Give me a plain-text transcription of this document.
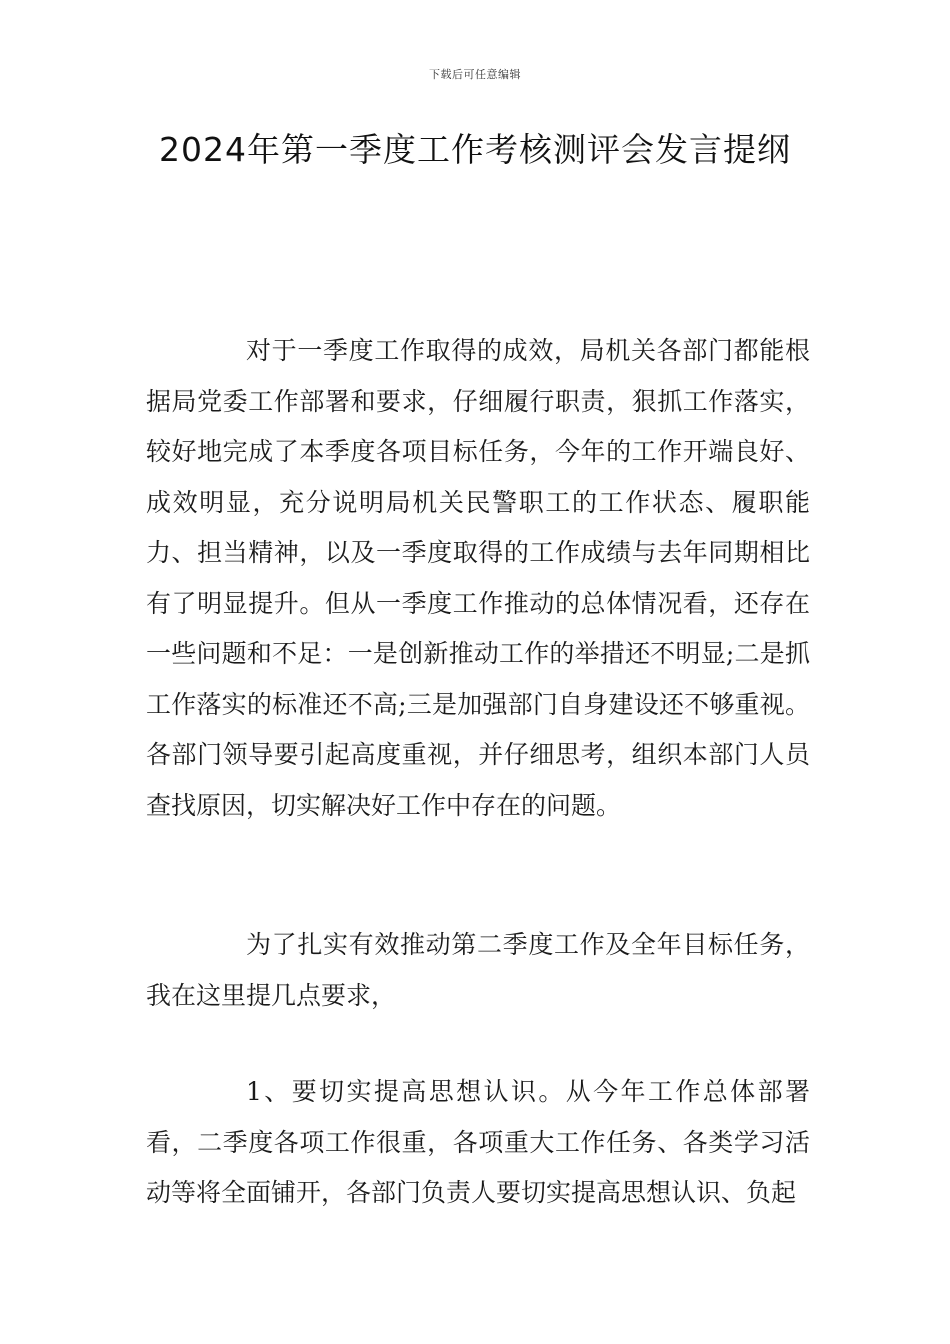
下载后可任意编辑
2024年第一季度工作考核测评会发言提纲

对于一季度工作取得的成效，局机关各部门都能根据局党委工作部署和要求，仔细履行职责，狠抓工作落实，较好地完成了本季度各项目标任务，今年的工作开端良好、成效明显，充分说明局机关民警职工的工作状态、履职能力、担当精神，以及一季度取得的工作成绩与去年同期相比有了明显提升。但从一季度工作推动的总体情况看，还存在一些问题和不足：一是创新推动工作的举措还不明显;二是抓工作落实的标准还不高;三是加强部门自身建设还不够重视。各部门领导要引起高度重视，并仔细思考，组织本部门人员查找原因，切实解决好工作中存在的问题。

为了扎实有效推动第二季度工作及全年目标任务，我在这里提几点要求，

1、要切实提高思想认识。从今年工作总体部署看，二季度各项工作很重，各项重大工作任务、各类学习活动等将全面铺开，各部门负责人要切实提高思想认识、负起
